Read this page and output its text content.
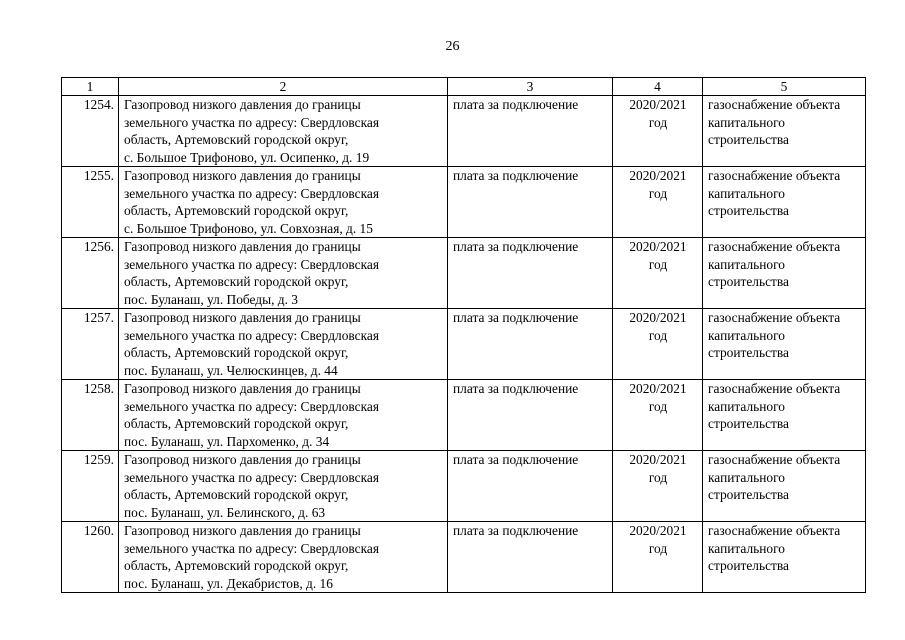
26
1	2	3	4	5
1254.	Газопровод низкого давления до границы
земельного участка по адресу: Свердловская
область, Артемовский городской округ,
с. Большое Трифоново, ул. Осипенко, д. 19	плата за подключение	2020/2021
год	газоснабжение объекта
капитального
строительства

1255.	Газопровод низкого давления до границы
земельного участка по адресу: Свердловская
область, Артемовский городской округ,
с. Большое Трифоново, ул. Совхозная, д. 15	плата за подключение	2020/2021
год	газоснабжение объекта
капитального
строительства

1256.	Газопровод низкого давления до границы
земельного участка по адресу: Свердловская
область, Артемовский городской округ,
пос. Буланаш, ул. Победы, д. 3	плата за подключение	2020/2021
год	газоснабжение объекта
капитального
строительства

1257.	Газопровод низкого давления до границы
земельного участка по адресу: Свердловская
область, Артемовский городской округ,
пос. Буланаш, ул. Челюскинцев, д. 44	плата за подключение	2020/2021
год	газоснабжение объекта
капитального
строительства

1258.	Газопровод низкого давления до границы
земельного участка по адресу: Свердловская
область, Артемовский городской округ,
пос. Буланаш, ул. Пархоменко, д. 34	плата за подключение	2020/2021
год	газоснабжение объекта
капитального
строительства

1259.	Газопровод низкого давления до границы
земельного участка по адресу: Свердловская
область, Артемовский городской округ,
пос. Буланаш, ул. Белинского, д. 63	плата за подключение	2020/2021
год	газоснабжение объекта
капитального
строительства

1260.	Газопровод низкого давления до границы
земельного участка по адресу: Свердловская
область, Артемовский городской округ,
пос. Буланаш, ул. Декабристов, д. 16	плата за подключение	2020/2021
год	газоснабжение объекта
капитального
строительства
